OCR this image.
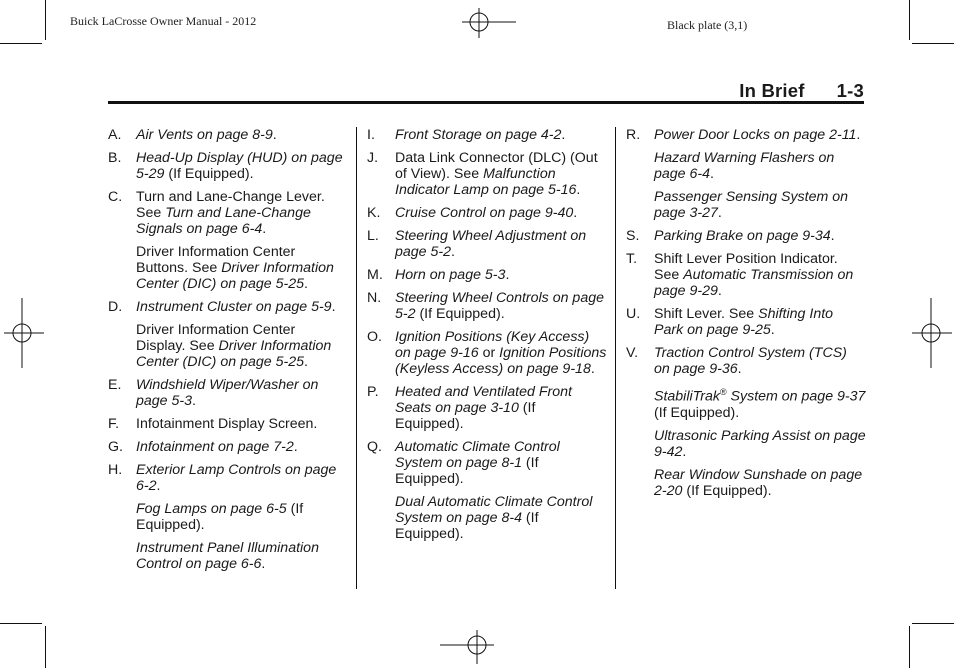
Buick LaCrosse Owner Manual - 2012	Black plate (3,1)
In Brief 1-3
A.	Air Vents on page 8-9.
B.	Head-Up Display (HUD) on page 5-29 (If Equipped).
C. Turn and Lane-Change Lever. See Turn and Lane-Change Signals on page 6-4.
Driver Information Center Buttons. See Driver Information Center (DIC) on page 5-25.
D. Instrument Cluster on page 5-9.
Driver Information Center Display. See Driver Information Center (DIC) on page 5-25.
E.	Windshield Wiper/Washer on page 5-3.
F.	Infotainment Display Screen.
G. Infotainment on page 7-2.
H. Exterior Lamp Controls on page 6-2.
Fog Lamps on page 6-5 (If Equipped).
Instrument Panel Illumination Control on page 6-6.
I.	Front Storage on page 4-2.
J.	Data Link Connector (DLC) (Out of View). See Malfunction Indicator Lamp on page 5-16.
K.	Cruise Control on page 9-40.
L.	Steering Wheel Adjustment on page 5-2.
M. Horn on page 5-3.
N. Steering Wheel Controls on page 5-2 (If Equipped).
O. Ignition Positions (Key Access) on page 9-16 or Ignition Positions (Keyless Access) on page 9-18.
P.	Heated and Ventilated Front Seats on page 3-10 (If Equipped).
Q. Automatic Climate Control System on page 8-1 (If Equipped).
Dual Automatic Climate Control System on page 8-4 (If Equipped).
R. Power Door Locks on page 2-11.
Hazard Warning Flashers on page 6-4.
Passenger Sensing System on page 3-27.
S.	Parking Brake on page 9-34.
T.	Shift Lever Position Indicator. See Automatic Transmission on page 9-29.
U. Shift Lever. See Shifting Into Park on page 9-25.
V.	Traction Control System (TCS) on page 9-36.
StabiliTrak® System on page 9-37 (If Equipped).
Ultrasonic Parking Assist on page 9-42.
Rear Window Sunshade on page 2-20 (If Equipped).
